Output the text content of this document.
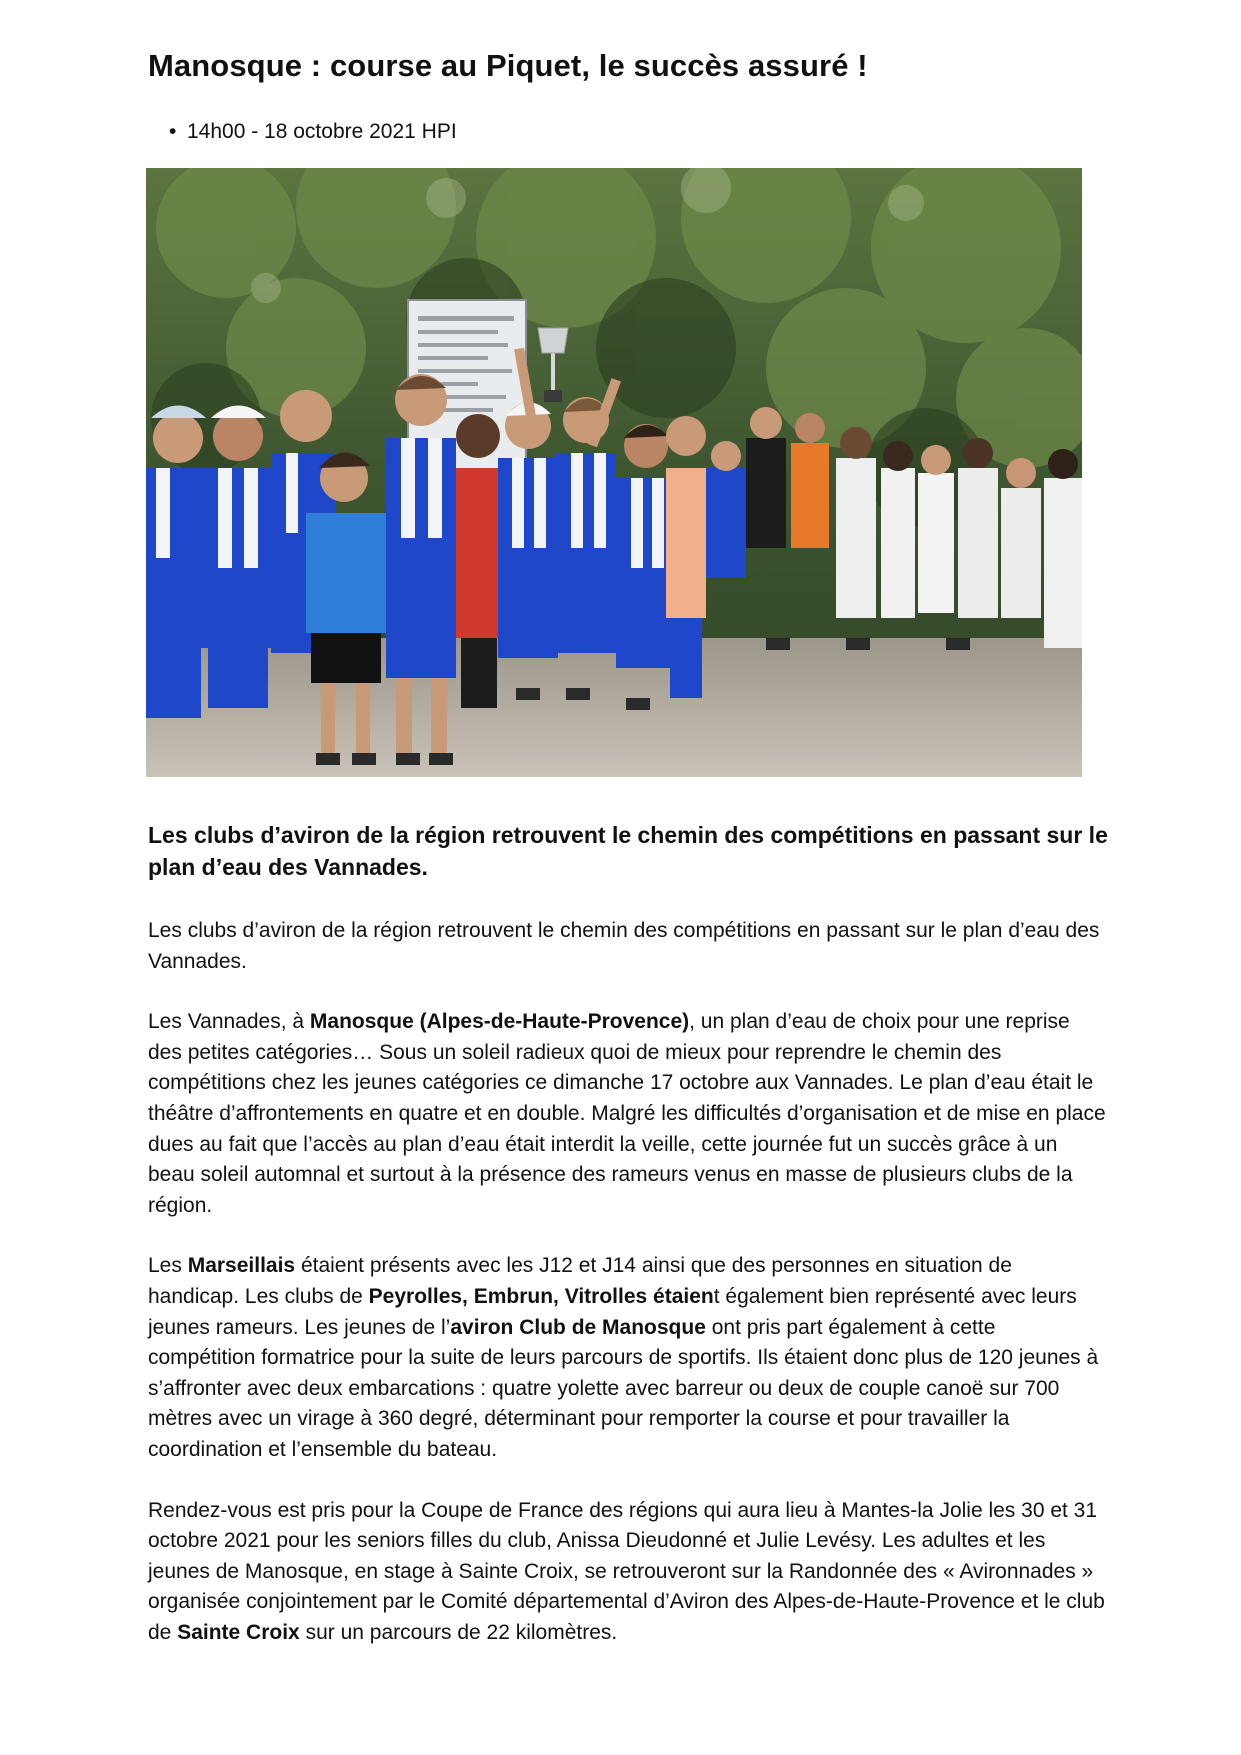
Manosque : course au Piquet, le succès assuré !
• 14h00 - 18 octobre 2021 HPI
Les clubs d’aviron de la région retrouvent le chemin des compétitions en passant sur le plan d’eau des Vannades.

Les clubs d’aviron de la région retrouvent le chemin des compétitions en passant sur le plan d’eau des Vannades.

Les Vannades, à Manosque (Alpes-de-Haute-Provence), un plan d’eau de choix pour une reprise des petites catégories… Sous un soleil radieux quoi de mieux pour reprendre le chemin des compétitions chez les jeunes catégories ce dimanche 17 octobre aux Vannades. Le plan d’eau était le théâtre d’affrontements en quatre et en double. Malgré les difficultés d’organisation et de mise en place dues au fait que l’accès au plan d’eau était interdit la veille, cette journée fut un succès grâce à un beau soleil automnal et surtout à la présence des rameurs venus en masse de plusieurs clubs de la région.

Les Marseillais étaient présents avec les J12 et J14 ainsi que des personnes en situation de handicap. Les clubs de Peyrolles, Embrun, Vitrolles étaient également bien représenté avec leurs jeunes rameurs. Les jeunes de l’aviron Club de Manosque ont pris part également à cette compétition formatrice pour la suite de leurs parcours de sportifs. Ils étaient donc plus de 120 jeunes à s’affronter avec deux embarcations : quatre yolette avec barreur ou deux de couple canoë sur 700 mètres avec un virage à 360 degré, déterminant pour remporter la course et pour travailler la coordination et l’ensemble du bateau.

Rendez-vous est pris pour la Coupe de France des régions qui aura lieu à Mantes-la Jolie les 30 et 31 octobre 2021 pour les seniors filles du club, Anissa Dieudonné et Julie Levésy. Les adultes et les jeunes de Manosque, en stage à Sainte Croix, se retrouveront sur la Randonnée des « Avironnades » organisée conjointement par le Comité départemental d’Aviron des Alpes-de-Haute-Provence et le club de Sainte Croix sur un parcours de 22 kilomètres.
